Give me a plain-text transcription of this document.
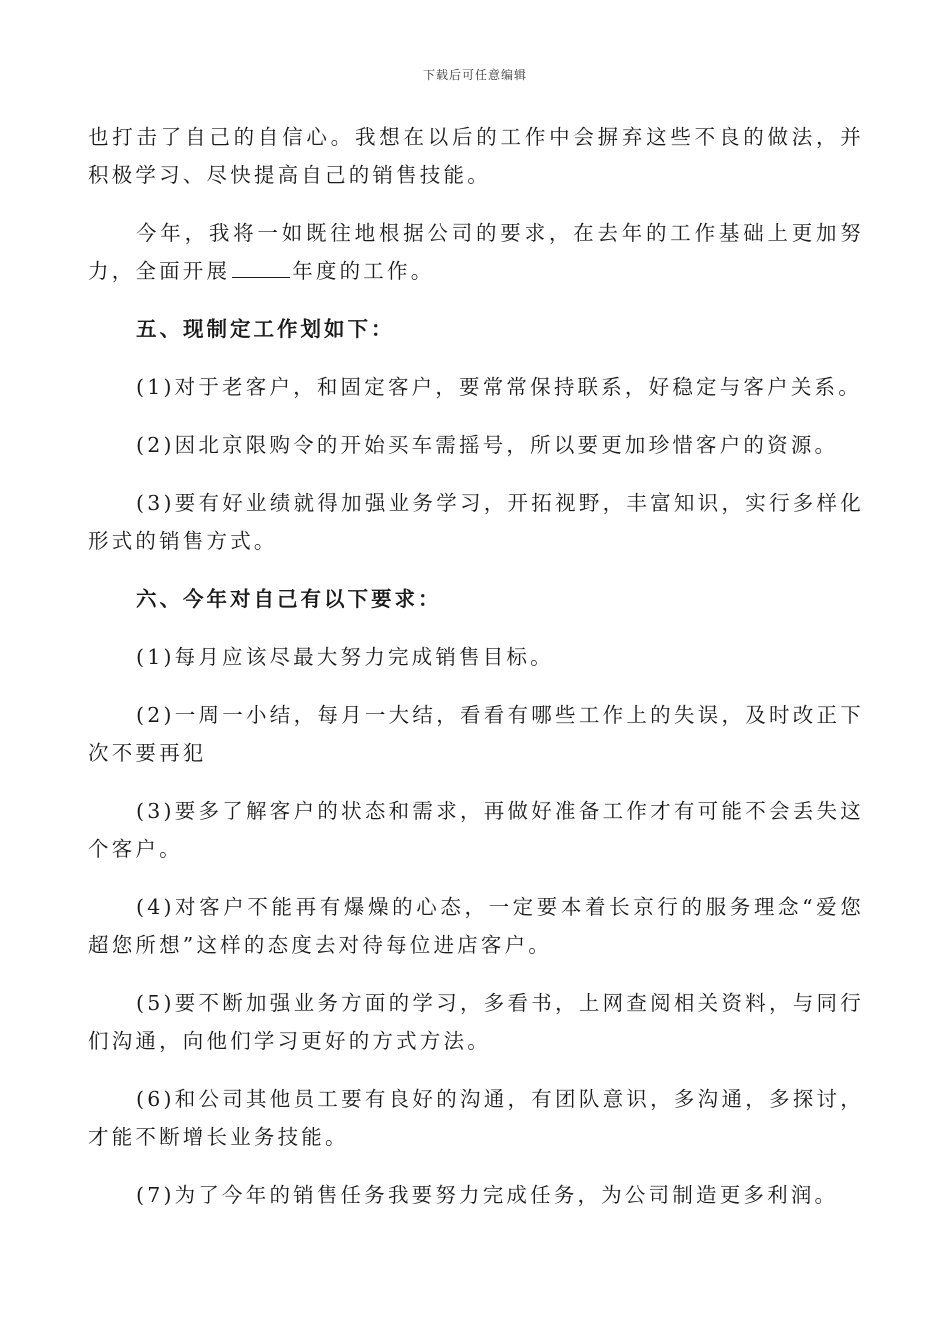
下载后可任意编辑

也打击了自己的自信心。我想在以后的工作中会摒弃这些不良的做法，并积极学习、尽快提高自己的销售技能。

今年，我将一如既往地根据公司的要求，在去年的工作基础上更加努力，全面开展	年度的工作。

五、现制定工作划如下：

(1)对于老客户，和固定客户，要常常保持联系，好稳定与客户关系。

(2)因北京限购令的开始买车需摇号，所以要更加珍惜客户的资源。

(3)要有好业绩就得加强业务学习，开拓视野，丰富知识，实行多样化形式的销售方式。

六、今年对自己有以下要求：

(1)每月应该尽最大努力完成销售目标。

(2)一周一小结，每月一大结，看看有哪些工作上的失误，及时改正下次不要再犯

(3)要多了解客户的状态和需求，再做好准备工作才有可能不会丢失这个客户。

(4)对客户不能再有爆燥的心态，一定要本着长京行的服务理念“爱您超您所想”这样的态度去对待每位进店客户。

(5)要不断加强业务方面的学习，多看书，上网查阅相关资料，与同行们沟通，向他们学习更好的方式方法。

(6)和公司其他员工要有良好的沟通，有团队意识，多沟通，多探讨，才能不断增长业务技能。

(7)为了今年的销售任务我要努力完成任务，为公司制造更多利润。
